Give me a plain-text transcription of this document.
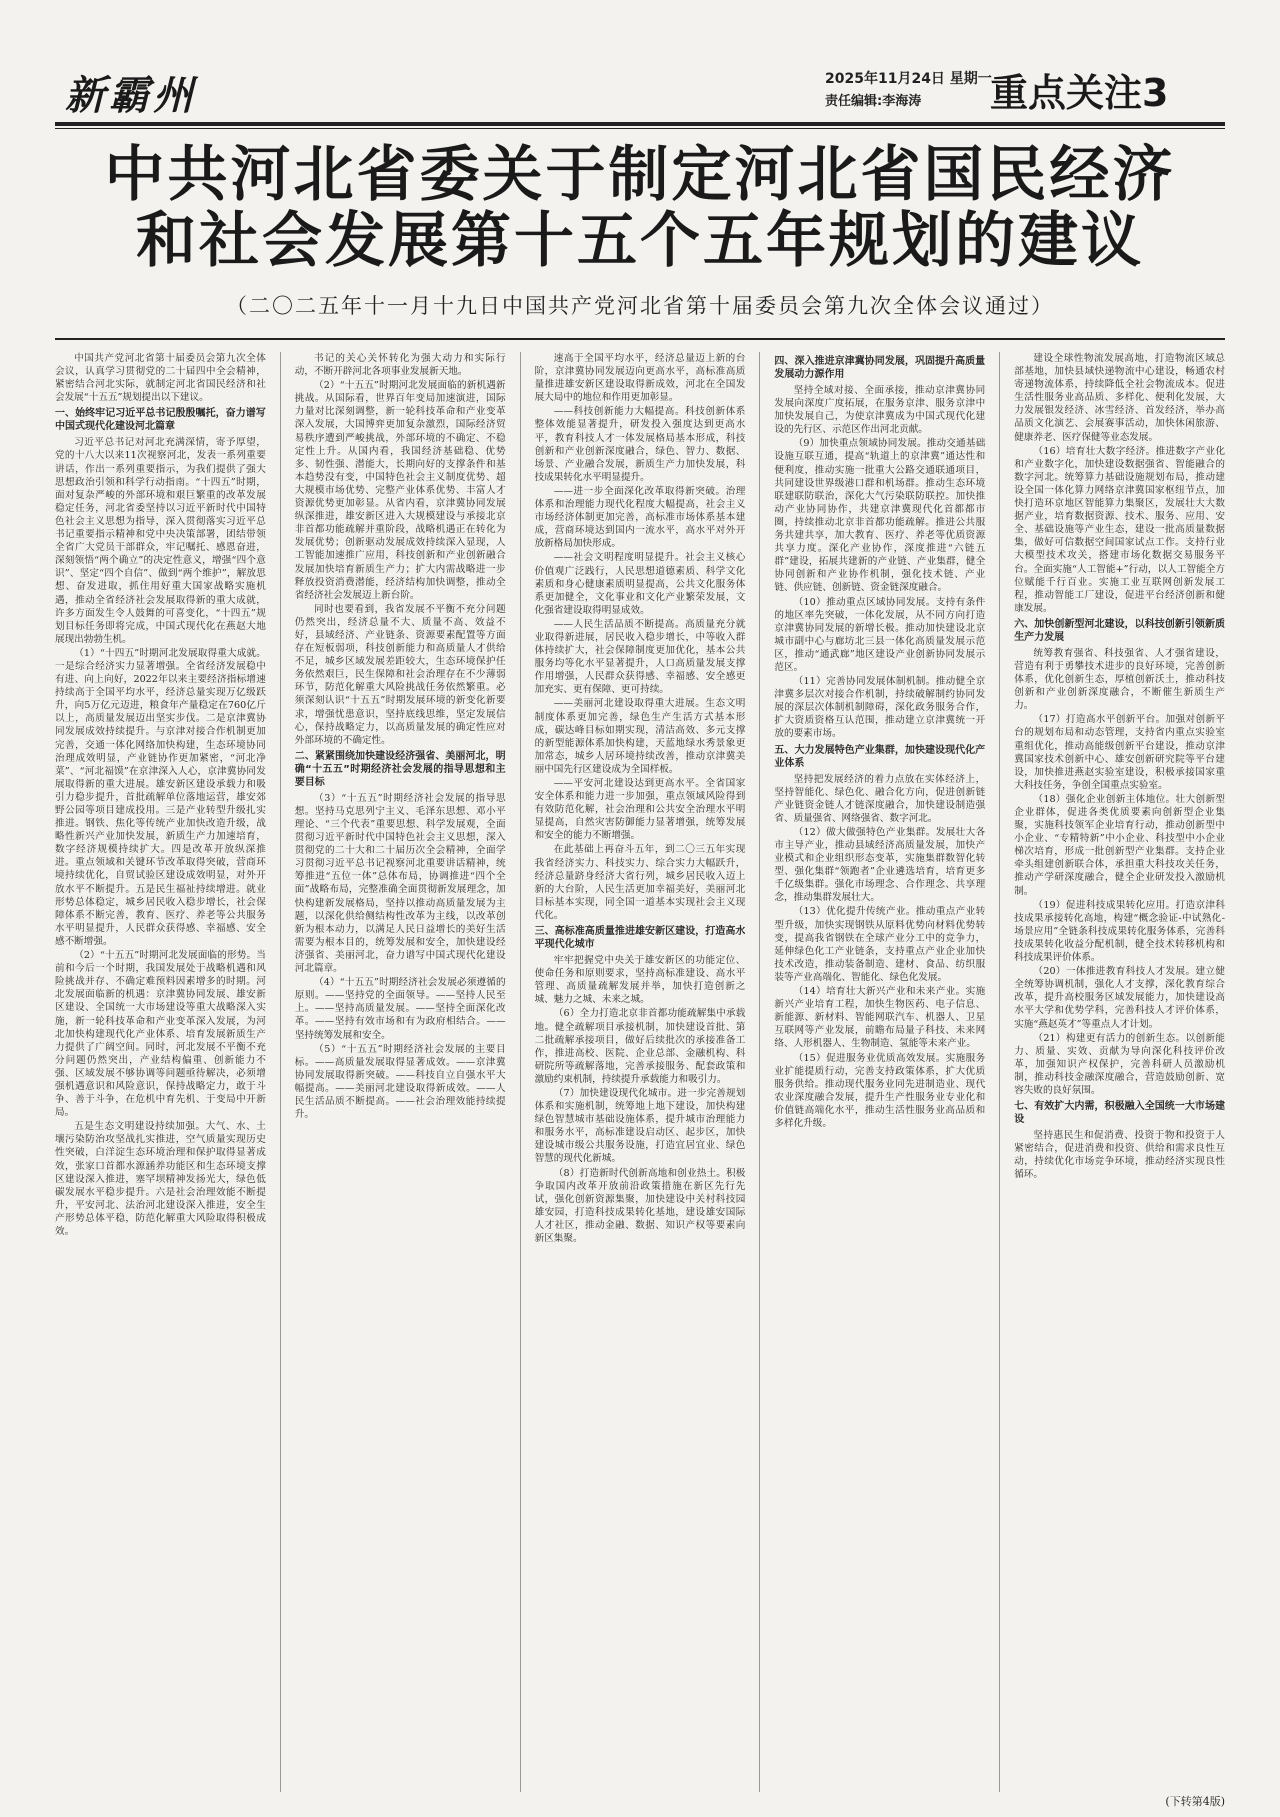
新霸州	2025年11月24日 星期一
责任编辑:李海涛 重点关注3
中共河北省委关于制定河北省国民经济
和社会发展第十五个五年规划的建议
（二〇二五年十一月十九日中国共产党河北省第十届委员会第九次全体会议通过）

中国共产党河北省第十届委员会第九次全体会议，认真学习贯彻党的二十届四中全会精神，紧密结合河北实际，就制定河北省国民经济和社会发展“十五五”规划提出以下建议。

一、始终牢记习近平总书记殷殷嘱托，奋力谱写中国式现代化建设河北篇章

习近平总书记对河北充满深情，寄予厚望，党的十八大以来11次视察河北，发表一系列重要讲话，作出一系列重要指示，为我们提供了强大思想政治引领和科学行动指南。“十四五”时期，面对复杂严峻的外部环境和艰巨繁重的改革发展稳定任务，河北省委坚持以习近平新时代中国特色社会主义思想为指导，深入贯彻落实习近平总书记重要指示精神和党中央决策部署，团结带领全省广大党员干部群众，牢记嘱托、感恩奋进，深刻领悟“两个确立”的决定性意义，增强“四个意识”、坚定“四个自信”、做到“两个维护”，解放思想、奋发进取，抓住用好重大国家战略实施机遇，推动全省经济社会发展取得新的重大成就，许多方面发生令人鼓舞的可喜变化，“十四五”规划目标任务即将完成，中国式现代化在燕赵大地展现出勃勃生机。

（1）“十四五”时期河北发展取得重大成就。一是综合经济实力显著增强。全省经济发展稳中有进、向上向好，2022年以来主要经济指标增速持续高于全国平均水平，经济总量实现万亿级跃升，向5万亿元迈进，粮食年产量稳定在760亿斤以上，高质量发展迈出坚实步伐。二是京津冀协同发展成效持续提升。与京津对接合作机制更加完善，交通一体化网络加快构建，生态环境协同治理成效明显，产业链协作更加紧密，“河北净菜”、“河北福馍”在京津深入人心，京津冀协同发展取得新的重大进展。雄安新区建设承载力和吸引力稳步提升，首批疏解单位落地运营，雄安郊野公园等项目建成投用。三是产业转型升级扎实推进。钢铁、焦化等传统产业加快改造升级，战略性新兴产业加快发展，新质生产力加速培育，数字经济规模持续扩大。四是改革开放纵深推进。重点领域和关键环节改革取得突破，营商环境持续优化，自贸试验区建设成效明显，对外开放水平不断提升。五是民生福祉持续增进。就业形势总体稳定，城乡居民收入稳步增长，社会保障体系不断完善，教育、医疗、养老等公共服务水平明显提升，人民群众获得感、幸福感、安全感不断增强。

（2）“十五五”时期河北发展面临的形势。当前和今后一个时期，我国发展处于战略机遇和风险挑战并存、不确定难预料因素增多的时期。河北发展面临新的机遇：京津冀协同发展、雄安新区建设、全国统一大市场建设等重大战略深入实施，新一轮科技革命和产业变革深入发展，为河北加快构建现代化产业体系、培育发展新质生产力提供了广阔空间。同时，河北发展不平衡不充分问题仍然突出，产业结构偏重、创新能力不强、区域发展不够协调等问题亟待解决，必须增强机遇意识和风险意识，保持战略定力，敢于斗争、善于斗争，在危机中育先机、于变局中开新局。

五是生态文明建设持续加强。大气、水、土壤污染防治攻坚战扎实推进，空气质量实现历史性突破，白洋淀生态环境治理和保护取得显著成效，张家口首都水源涵养功能区和生态环境支撑区建设深入推进，塞罕坝精神发扬光大，绿色低碳发展水平稳步提升。六是社会治理效能不断提升，平安河北、法治河北建设深入推进，安全生产形势总体平稳，防范化解重大风险取得积极成效。

书记的关心关怀转化为强大动力和实际行动，不断开辟河北各项事业发展新天地。

（2）“十五五”时期河北发展面临的新机遇新挑战。从国际看，世界百年变局加速演进，国际力量对比深刻调整，新一轮科技革命和产业变革深入发展，大国博弈更加复杂激烈，国际经济贸易秩序遭到严峻挑战，外部环境的不确定、不稳定性上升。从国内看，我国经济基础稳、优势多、韧性强、潜能大，长期向好的支撑条件和基本趋势没有变，中国特色社会主义制度优势、超大规模市场优势、完整产业体系优势、丰富人才资源优势更加彰显。从省内看，京津冀协同发展纵深推进，雄安新区进入大规模建设与承接北京非首都功能疏解并重阶段，战略机遇正在转化为发展优势；创新驱动发展成效持续深入显现，人工智能加速推广应用，科技创新和产业创新融合发展加快培育新质生产力；扩大内需战略进一步释放投资消费潜能，经济结构加快调整，推动全省经济社会发展迈上新台阶。

同时也要看到，我省发展不平衡不充分问题仍然突出，经济总量不大、质量不高、效益不好，县域经济、产业链条、资源要素配置等方面存在短板弱项，科技创新能力和高质量人才供给不足，城乡区域发展差距较大，生态环境保护任务依然艰巨，民生保障和社会治理存在不少薄弱环节，防范化解重大风险挑战任务依然繁重。必须深刻认识“十五五”时期发展环境的新变化新要求，增强忧患意识，坚持底线思维，坚定发展信心，保持战略定力，以高质量发展的确定性应对外部环境的不确定性。

二、紧紧围绕加快建设经济强省、美丽河北，明确“十五五”时期经济社会发展的指导思想和主要目标

（3）“十五五”时期经济社会发展的指导思想。坚持马克思列宁主义、毛泽东思想、邓小平理论、“三个代表”重要思想、科学发展观，全面贯彻习近平新时代中国特色社会主义思想，深入贯彻党的二十大和二十届历次全会精神，全面学习贯彻习近平总书记视察河北重要讲话精神，统筹推进“五位一体”总体布局，协调推进“四个全面”战略布局，完整准确全面贯彻新发展理念，加快构建新发展格局，坚持以推动高质量发展为主题，以深化供给侧结构性改革为主线，以改革创新为根本动力，以满足人民日益增长的美好生活需要为根本目的，统筹发展和安全，加快建设经济强省、美丽河北，奋力谱写中国式现代化建设河北篇章。

（4）“十五五”时期经济社会发展必须遵循的原则。——坚持党的全面领导。——坚持人民至上。——坚持高质量发展。——坚持全面深化改革。——坚持有效市场和有为政府相结合。——坚持统筹发展和安全。

（5）“十五五”时期经济社会发展的主要目标。——高质量发展取得显著成效。——京津冀协同发展取得新突破。——科技自立自强水平大幅提高。——美丽河北建设取得新成效。——人民生活品质不断提高。——社会治理效能持续提升。

速高于全国平均水平，经济总量迈上新的台阶，京津冀协同发展迈向更高水平，高标准高质量推进雄安新区建设取得新成效，河北在全国发展大局中的地位和作用更加彰显。

——科技创新能力大幅提高。科技创新体系整体效能显著提升，研发投入强度达到更高水平，教育科技人才一体发展格局基本形成，科技创新和产业创新深度融合，绿色、智力、数据、场景、产业融合发展，新质生产力加快发展，科技成果转化水平明显提升。

——进一步全面深化改革取得新突破。治理体系和治理能力现代化程度大幅提高，社会主义市场经济体制更加完善，高标准市场体系基本建成，营商环境达到国内一流水平，高水平对外开放新格局加快形成。

——社会文明程度明显提升。社会主义核心价值观广泛践行，人民思想道德素质、科学文化素质和身心健康素质明显提高，公共文化服务体系更加健全，文化事业和文化产业繁荣发展，文化强省建设取得明显成效。

——人民生活品质不断提高。高质量充分就业取得新进展，居民收入稳步增长，中等收入群体持续扩大，社会保障制度更加优化，基本公共服务均等化水平显著提升，人口高质量发展支撑作用增强，人民群众获得感、幸福感、安全感更加充实、更有保障、更可持续。

——美丽河北建设取得重大进展。生态文明制度体系更加完善，绿色生产生活方式基本形成，碳达峰目标如期实现，清洁高效、多元支撑的新型能源体系加快构建，天蓝地绿水秀景象更加常态，城乡人居环境持续改善，推动京津冀美丽中国先行区建设成为全国样板。

——平安河北建设达到更高水平。全省国家安全体系和能力进一步加强，重点领域风险得到有效防范化解，社会治理和公共安全治理水平明显提高，自然灾害防御能力显著增强，统筹发展和安全的能力不断增强。

在此基础上再奋斗五年，到二〇三五年实现我省经济实力、科技实力、综合实力大幅跃升，经济总量跻身经济大省行列，城乡居民收入迈上新的大台阶，人民生活更加幸福美好，美丽河北目标基本实现，同全国一道基本实现社会主义现代化。

三、高标准高质量推进雄安新区建设，打造高水平现代化城市

牢牢把握党中央关于雄安新区的功能定位、使命任务和原则要求，坚持高标准建设、高水平管理、高质量疏解发展并举，加快打造创新之城、魅力之城、未来之城。

（6）全力打造北京非首都功能疏解集中承载地。健全疏解项目承接机制，加快建设首批、第二批疏解承接项目，做好后续批次的承接准备工作，推进高校、医院、企业总部、金融机构、科研院所等疏解落地，完善承接服务、配套政策和激励约束机制，持续提升承载能力和吸引力。

（7）加快建设现代化城市。进一步完善规划体系和实施机制，统筹地上地下建设，加快构建绿色智慧城市基础设施体系，提升城市治理能力和服务水平，高标准建设启动区、起步区，加快建设城市级公共服务设施，打造宜居宜业、绿色智慧的现代化新城。

（8）打造新时代创新高地和创业热土。积极争取国内改革开放前沿政策措施在新区先行先试，强化创新资源集聚，加快建设中关村科技园雄安园，打造科技成果转化基地，建设雄安国际人才社区，推动金融、数据、知识产权等要素向新区集聚。

四、深入推进京津冀协同发展，巩固提升高质量发展动力源作用

坚持全域对接、全面承接，推动京津冀协同发展向深度广度拓展，在服务京津、服务京津中加快发展自己，为使京津冀成为中国式现代化建设的先行区、示范区作出河北贡献。

（9）加快重点领域协同发展。推动交通基础设施互联互通，提高“轨道上的京津冀”通达性和便利度，推动实施一批重大公路交通联通项目，共同建设世界级港口群和机场群。推动生态环境联建联防联治，深化大气污染联防联控。加快推动产业协同协作，共建京津冀现代化首都都市圈，持续推动北京非首都功能疏解。推进公共服务共建共享，加大教育、医疗、养老等优质资源共享力度。深化产业协作，深度推进“六链五群”建设，拓展共建新的产业链、产业集群，健全协同创新和产业协作机制，强化技术链、产业链、供应链、创新链、资金链深度融合。

（10）推动重点区域协同发展。支持有条件的地区率先突破，一体化发展，从不同方向打造京津冀协同发展的新增长极。推动加快建设北京城市副中心与廊坊北三县一体化高质量发展示范区，推动“通武廊”地区建设产业创新协同发展示范区。

（11）完善协同发展体制机制。推动健全京津冀多层次对接合作机制，持续破解制约协同发展的深层次体制机制障碍，深化政务服务合作，扩大资质资格互认范围，推动建立京津冀统一开放的要素市场。

五、大力发展特色产业集群，加快建设现代化产业体系

坚持把发展经济的着力点放在实体经济上，坚持智能化、绿色化、融合化方向，促进创新链产业链资金链人才链深度融合，加快建设制造强省、质量强省、网络强省、数字河北。

（12）做大做强特色产业集群。发展壮大各市主导产业，推动县域经济高质量发展，加快产业模式和企业组织形态变革，实施集群数智化转型、强化集群“领跑者”企业遴选培育，培育更多千亿级集群。强化市场理念、合作理念、共享理念，推动集群发展壮大。

（13）优化提升传统产业。推动重点产业转型升级，加快实现钢铁从原料优势向材料优势转变，提高我省钢铁在全球产业分工中的竞争力，延伸绿色化工产业链条，支持重点产业企业加快技术改造，推动装备制造、建材、食品、纺织服装等产业高端化、智能化、绿色化发展。

（14）培育壮大新兴产业和未来产业。实施新兴产业培育工程，加快生物医药、电子信息、新能源、新材料、智能网联汽车、机器人、卫星互联网等产业发展，前瞻布局量子科技、未来网络、人形机器人、生物制造、氢能等未来产业。

（15）促进服务业优质高效发展。实施服务业扩能提质行动，完善支持政策体系，扩大优质服务供给。推动现代服务业同先进制造业、现代农业深度融合发展，提升生产性服务业专业化和价值链高端化水平，推动生活性服务业高品质和多样化升级。

建设全球性物流发展高地，打造物流区域总部基地，加快县域快递物流中心建设，畅通农村寄递物流体系，持续降低全社会物流成本。促进生活性服务业高品质、多样化、便利化发展，大力发展银发经济、冰雪经济、首发经济，举办高品质文化演艺、会展赛事活动，加快休闲旅游、健康养老、医疗保健等业态发展。

（16）培育壮大数字经济。推进数字产业化和产业数字化，加快建设数据强省、智能融合的数字河北。统筹算力基础设施规划布局，推动建设全国一体化算力网络京津冀国家枢纽节点，加快打造环京地区智能算力集聚区，发展壮大大数据产业，培育数据资源、技术、服务、应用、安全、基础设施等产业生态，建设一批高质量数据集，做好可信数据空间国家试点工作。支持行业大模型技术攻关，搭建市场化数据交易服务平台。全面实施“人工智能+”行动，以人工智能全方位赋能千行百业。实施工业互联网创新发展工程，推动智能工厂建设，促进平台经济创新和健康发展。

六、加快创新型河北建设，以科技创新引领新质生产力发展

统筹教育强省、科技强省、人才强省建设，营造有利于勇攀技术进步的良好环境，完善创新体系，优化创新生态，厚植创新沃土，推动科技创新和产业创新深度融合，不断催生新质生产力。

（17）打造高水平创新平台。加强对创新平台的规划布局和动态管理，支持省内重点实验室重组优化，推动高能级创新平台建设，推动京津冀国家技术创新中心、雄安创新研究院等平台建设，加快推进燕赵实验室建设，积极承接国家重大科技任务，争创全国重点实验室。

（18）强化企业创新主体地位。壮大创新型企业群体，促进各类优质要素向创新型企业集聚，实施科技领军企业培育行动，推动创新型中小企业、“专精特新”中小企业、科技型中小企业梯次培育，形成一批创新型产业集群。支持企业牵头组建创新联合体，承担重大科技攻关任务，推动产学研深度融合，健全企业研发投入激励机制。

（19）促进科技成果转化应用。打造京津科技成果承接转化高地，构建“概念验证-中试熟化-场景应用”全链条科技成果转化服务体系，完善科技成果转化收益分配机制，健全技术转移机构和科技成果评价体系。

（20）一体推进教育科技人才发展。建立健全统筹协调机制，强化人才支撑，深化教育综合改革，提升高校服务区域发展能力，加快建设高水平大学和优势学科，完善科技人才评价体系，实施“燕赵英才”等重点人才计划。

（21）构建更有活力的创新生态。以创新能力、质量、实效、贡献为导向深化科技评价改革，加强知识产权保护，完善科研人员激励机制，推动科技金融深度融合，营造鼓励创新、宽容失败的良好氛围。

七、有效扩大内需，积极融入全国统一大市场建设

坚持惠民生和促消费、投资于物和投资于人紧密结合，促进消费和投资、供给和需求良性互动，持续优化市场竞争环境，推动经济实现良性循环。

(下转第4版)
